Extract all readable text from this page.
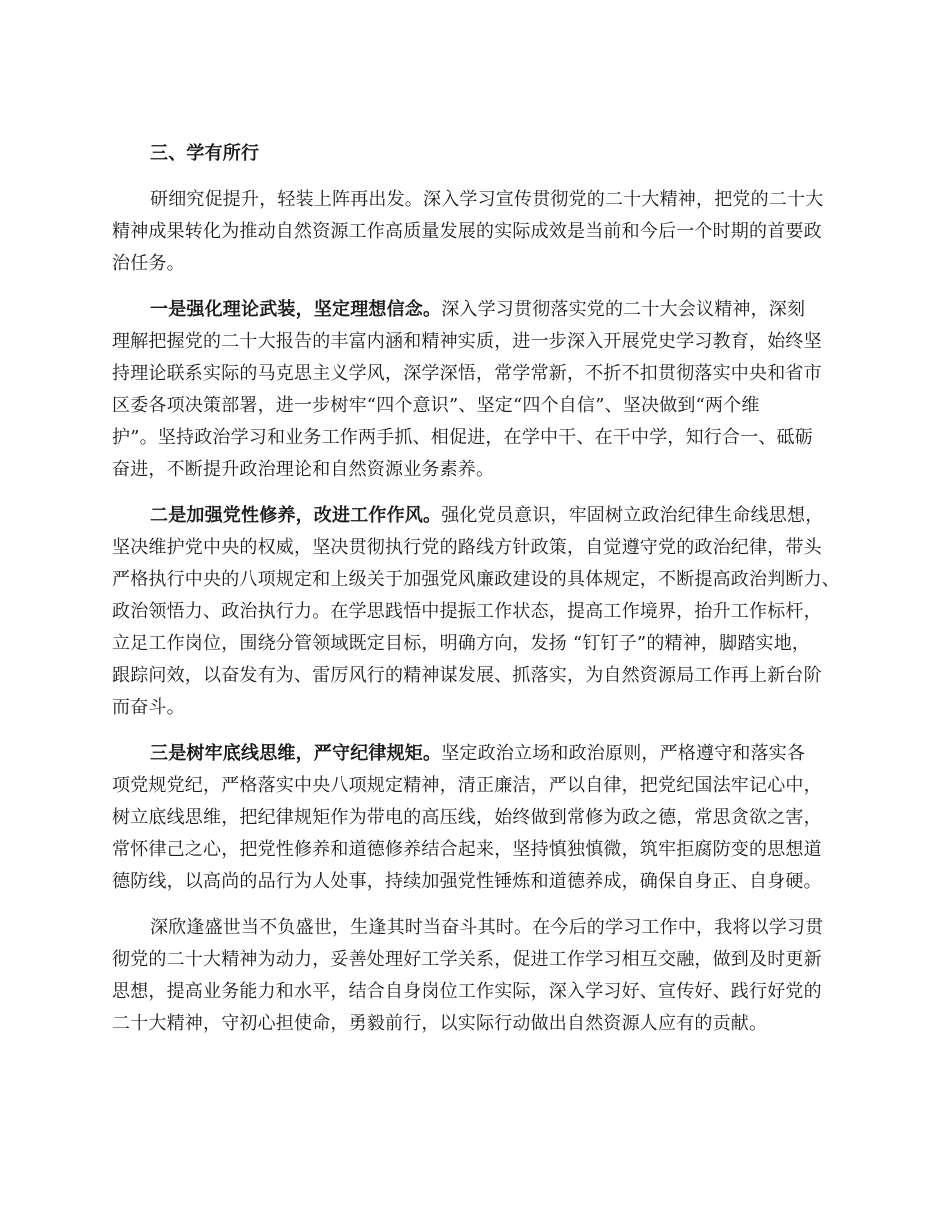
三、学有所行
研细究促提升，轻装上阵再出发。深入学习宣传贯彻党的二十大精神，把党的二十大
精神成果转化为推动自然资源工作高质量发展的实际成效是当前和今后一个时期的首要政
治任务。
一是强化理论武装，坚定理想信念。深入学习贯彻落实党的二十大会议精神，深刻
理解把握党的二十大报告的丰富内涵和精神实质，进一步深入开展党史学习教育，始终坚
持理论联系实际的马克思主义学风，深学深悟，常学常新，不折不扣贯彻落实中央和省市
区委各项决策部署，进一步树牢“四个意识”、坚定“四个自信”、坚决做到“两个维
护”。坚持政治学习和业务工作两手抓、相促进，在学中干、在干中学，知行合一、砥砺
奋进，不断提升政治理论和自然资源业务素养。
二是加强党性修养，改进工作作风。强化党员意识，牢固树立政治纪律生命线思想，
坚决维护党中央的权威，坚决贯彻执行党的路线方针政策，自觉遵守党的政治纪律，带头
严格执行中央的八项规定和上级关于加强党风廉政建设的具体规定，不断提高政治判断力、
政治领悟力、政治执行力。在学思践悟中提振工作状态，提高工作境界，抬升工作标杆，
立足工作岗位，围绕分管领域既定目标，明确方向，发扬 “钉钉子”的精神，脚踏实地，
跟踪问效，以奋发有为、雷厉风行的精神谋发展、抓落实，为自然资源局工作再上新台阶
而奋斗。
三是树牢底线思维，严守纪律规矩。坚定政治立场和政治原则，严格遵守和落实各
项党规党纪，严格落实中央八项规定精神，清正廉洁，严以自律，把党纪国法牢记心中，
树立底线思维，把纪律规矩作为带电的高压线，始终做到常修为政之德，常思贪欲之害，
常怀律己之心，把党性修养和道德修养结合起来，坚持慎独慎微，筑牢拒腐防变的思想道
德防线，以高尚的品行为人处事，持续加强党性锤炼和道德养成，确保自身正、自身硬。
深欣逢盛世当不负盛世，生逢其时当奋斗其时。在今后的学习工作中，我将以学习贯
彻党的二十大精神为动力，妥善处理好工学关系，促进工作学习相互交融，做到及时更新
思想，提高业务能力和水平，结合自身岗位工作实际，深入学习好、宣传好、践行好党的
二十大精神，守初心担使命，勇毅前行，以实际行动做出自然资源人应有的贡献。
